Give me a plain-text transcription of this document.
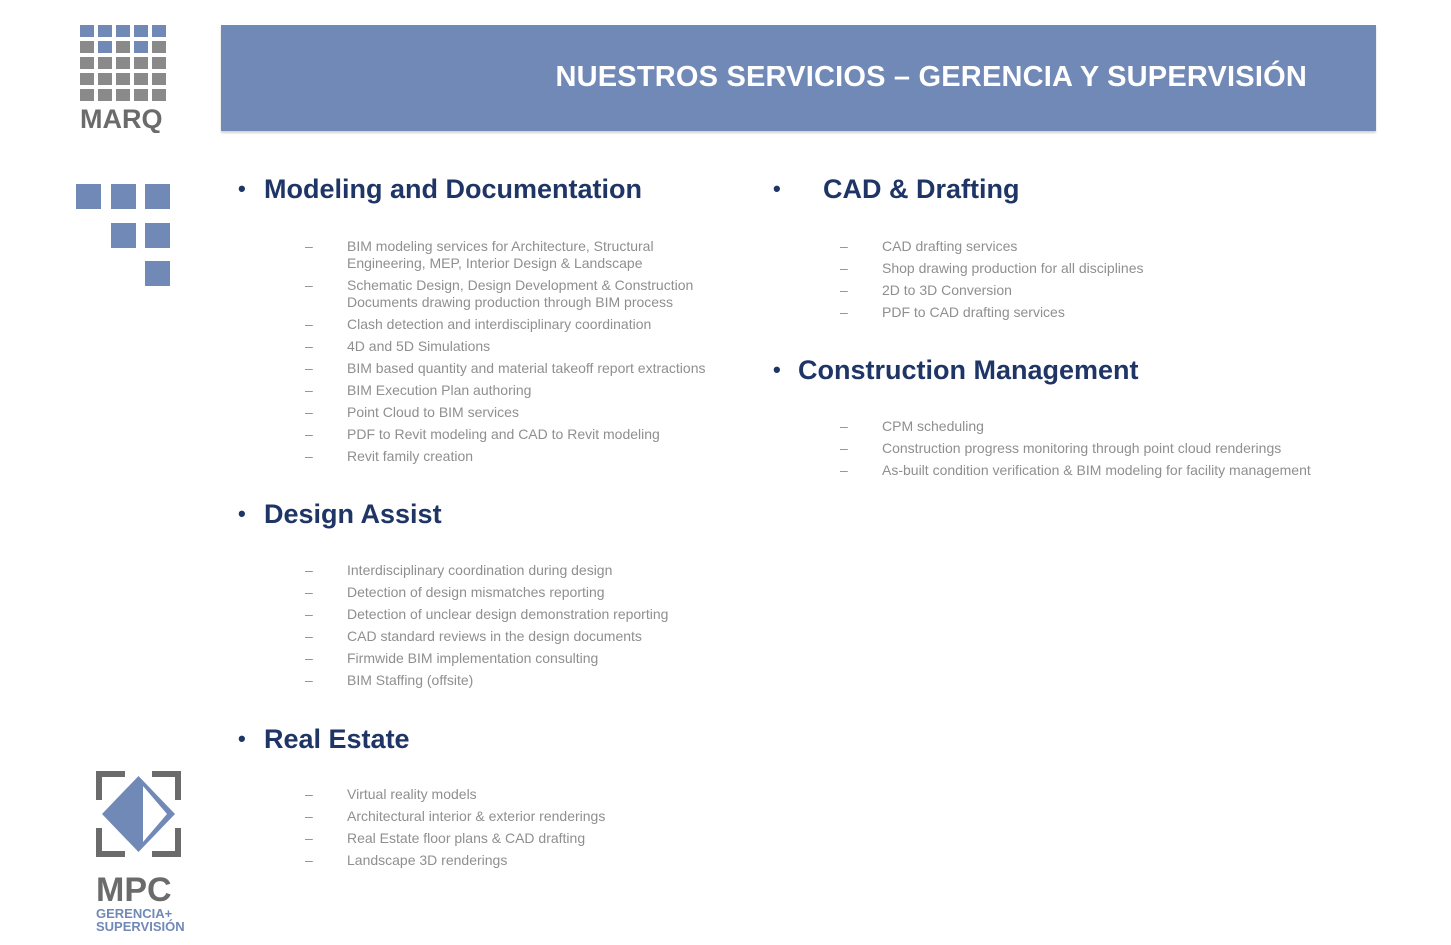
MARQ
NUESTROS SERVICIOS – GERENCIA Y SUPERVISIÓN
• Modeling and Documentation
– BIM modeling services for Architecture, Structural Engineering, MEP, Interior Design & Landscape
– Schematic Design, Design Development & Construction Documents drawing production through BIM process
– Clash detection and interdisciplinary coordination
– 4D and 5D Simulations
– BIM based quantity and material takeoff report extractions
– BIM Execution Plan authoring
– Point Cloud to BIM services
– PDF to Revit modeling and CAD to Revit modeling
– Revit family creation
• Design Assist
– Interdisciplinary coordination during design
– Detection of design mismatches reporting
– Detection of unclear design demonstration reporting
– CAD standard reviews in the design documents
– Firmwide BIM implementation consulting
– BIM Staffing (offsite)
• Real Estate
– Virtual reality models
– Architectural interior & exterior renderings
– Real Estate floor plans & CAD drafting
– Landscape 3D renderings
• CAD & Drafting
– CAD drafting services
– Shop drawing production for all disciplines
– 2D to 3D Conversion
– PDF to CAD drafting services
• Construction Management
– CPM scheduling
– Construction progress monitoring through point cloud renderings
– As-built condition verification & BIM modeling for facility management
MPC
GERENCIA+
SUPERVISIÓN
